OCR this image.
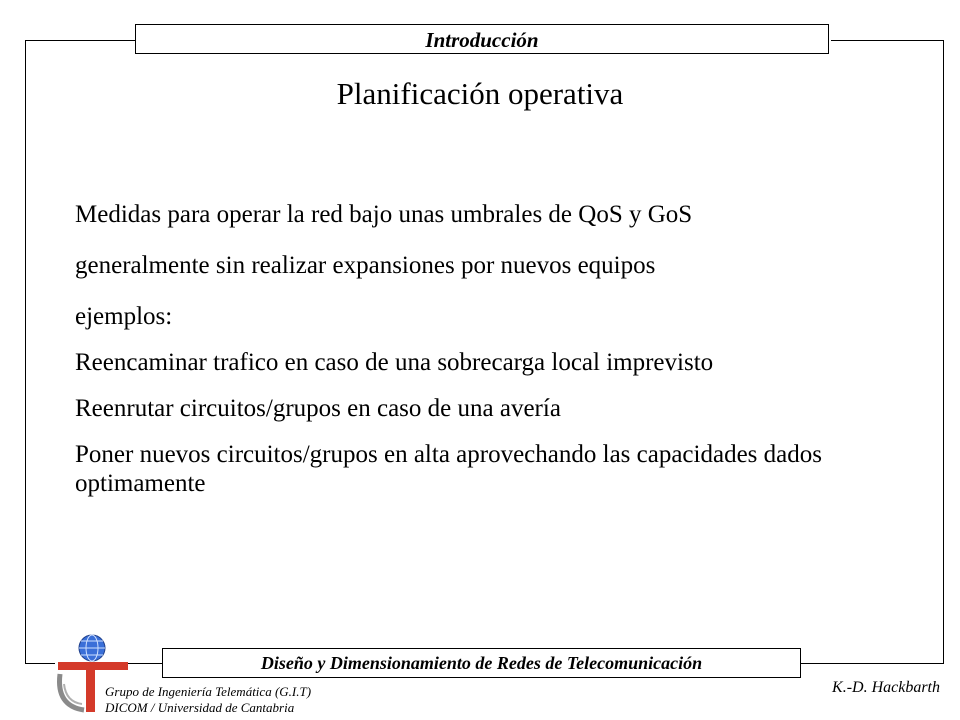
Introducción
Planificación operativa

Medidas para operar la red bajo unas umbrales de QoS y GoS

generalmente sin realizar expansiones por nuevos equipos

ejemplos:

Reencaminar trafico en caso de una sobrecarga local imprevisto

Reenrutar circuitos/grupos en caso de una avería

Poner nuevos circuitos/grupos en alta aprovechando las capacidades dados optimamente

Diseño y Dimensionamiento de Redes de Telecomunicación
Grupo de Ingeniería Telemática (G.I.T)
DICOM / Universidad de Cantabria
K.-D. Hackbarth
